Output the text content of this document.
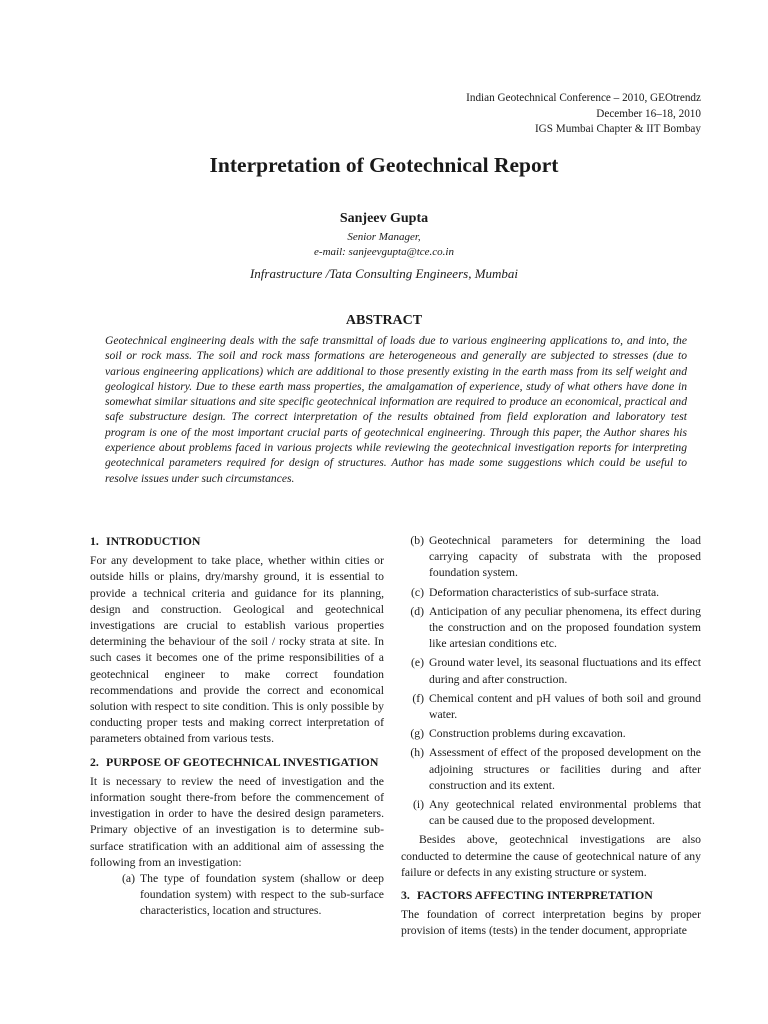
Indian Geotechnical Conference – 2010, GEOtrendz
December 16–18, 2010
IGS Mumbai Chapter & IIT Bombay
Interpretation of Geotechnical Report
Sanjeev Gupta
Senior Manager,
e-mail: sanjeevgupta@tce.co.in
Infrastructure /Tata Consulting Engineers, Mumbai
ABSTRACT

Geotechnical engineering deals with the safe transmittal of loads due to various engineering applications to, and into, the soil or rock mass. The soil and rock mass formations are heterogeneous and generally are subjected to stresses (due to various engineering applications) which are additional to those presently existing in the earth mass from its self weight and geological history. Due to these earth mass properties, the amalgamation of experience, study of what others have done in somewhat similar situations and site specific geotechnical information are required to produce an economical, practical and safe substructure design. The correct interpretation of the results obtained from field exploration and laboratory test program is one of the most important crucial parts of geotechnical engineering. Through this paper, the Author shares his experience about problems faced in various projects while reviewing the geotechnical investigation reports for interpreting geotechnical parameters required for design of structures. Author has made some suggestions which could be useful to resolve issues under such circumstances.

1. INTRODUCTION

For any development to take place, whether within cities or outside hills or plains, dry/marshy ground, it is essential to provide a technical criteria and guidance for its planning, design and construction. Geological and geotechnical investigations are crucial to establish various properties determining the behaviour of the soil / rocky strata at site. In such cases it becomes one of the prime responsibilities of a geotechnical engineer to make correct foundation recommendations and provide the correct and economical solution with respect to site condition. This is only possible by conducting proper tests and making correct interpretation of parameters obtained from various tests.

2. PURPOSE OF GEOTECHNICAL INVESTIGATION

It is necessary to review the need of investigation and the information sought there-from before the commencement of investigation in order to have the desired design parameters. Primary objective of an investigation is to determine sub-surface stratification with an additional aim of assessing the following from an investigation:

(a) The type of foundation system (shallow or deep foundation system) with respect to the sub-surface characteristics, location and structures.
(b) Geotechnical parameters for determining the load carrying capacity of substrata with the proposed foundation system.
(c) Deformation characteristics of sub-surface strata.
(d) Anticipation of any peculiar phenomena, its effect during the construction and on the proposed foundation system like artesian conditions etc.
(e) Ground water level, its seasonal fluctuations and its effect during and after construction.
(f) Chemical content and pH values of both soil and ground water.
(g) Construction problems during excavation.
(h) Assessment of effect of the proposed development on the adjoining structures or facilities during and after construction and its extent.
(i) Any geotechnical related environmental problems that can be caused due to the proposed development.

Besides above, geotechnical investigations are also conducted to determine the cause of geotechnical nature of any failure or defects in any existing structure or system.

3. FACTORS AFFECTING INTERPRETATION

The foundation of correct interpretation begins by proper provision of items (tests) in the tender document, appropriate
